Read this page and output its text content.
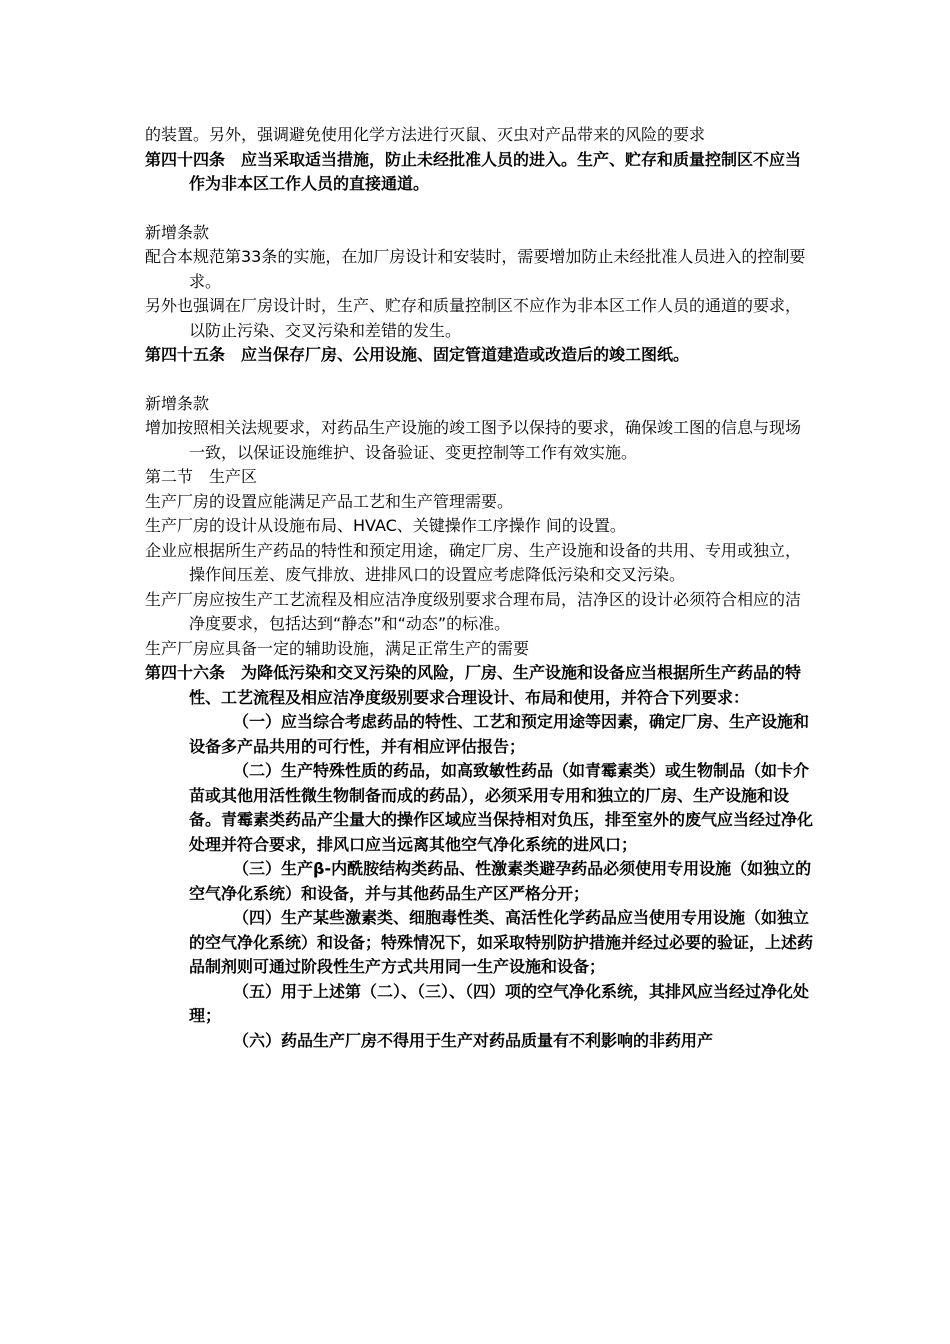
的装置。另外，强调避免使用化学方法进行灭鼠、灭虫对产品带来的风险的要求

第四十四条　应当采取适当措施，防止未经批准人员的进入。生产、贮存和质量控制区不应当作为非本区工作人员的直接通道。

新增条款

配合本规范第33条的实施，在加厂房设计和安装时，需要增加防止未经批准人员进入的控制要求。

另外也强调在厂房设计时，生产、贮存和质量控制区不应作为非本区工作人员的通道的要求，以防止污染、交叉污染和差错的发生。

第四十五条　应当保存厂房、公用设施、固定管道建造或改造后的竣工图纸。

新增条款

增加按照相关法规要求，对药品生产设施的竣工图予以保持的要求，确保竣工图的信息与现场一致，以保证设施维护、设备验证、变更控制等工作有效实施。

第二节　生产区

生产厂房的设置应能满足产品工艺和生产管理需要。

生产厂房的设计从设施布局、HVAC、关键操作工序操作 间的设置。

企业应根据所生产药品的特性和预定用途，确定厂房、生产设施和设备的共用、专用或独立，操作间压差、废气排放、进排风口的设置应考虑降低污染和交叉污染。

生产厂房应按生产工艺流程及相应洁净度级别要求合理布局，洁净区的设计必须符合相应的洁净度要求，包括达到“静态”和“动态”的标准。

生产厂房应具备一定的辅助设施，满足正常生产的需要

第四十六条　为降低污染和交叉污染的风险，厂房、生产设施和设备应当根据所生产药品的特性、工艺流程及相应洁净度级别要求合理设计、布局和使用，并符合下列要求：

（一）应当综合考虑药品的特性、工艺和预定用途等因素，确定厂房、生产设施和设备多产品共用的可行性，并有相应评估报告；

（二）生产特殊性质的药品，如高致敏性药品（如青霉素类）或生物制品（如卡介苗或其他用活性微生物制备而成的药品），必须采用专用和独立的厂房、生产设施和设备。青霉素类药品产尘量大的操作区域应当保持相对负压，排至室外的废气应当经过净化处理并符合要求，排风口应当远离其他空气净化系统的进风口；

（三）生产β-内酰胺结构类药品、性激素类避孕药品必须使用专用设施（如独立的空气净化系统）和设备，并与其他药品生产区严格分开；

（四）生产某些激素类、细胞毒性类、高活性化学药品应当使用专用设施（如独立的空气净化系统）和设备；特殊情况下，如采取特别防护措施并经过必要的验证，上述药品制剂则可通过阶段性生产方式共用同一生产设施和设备；

（五）用于上述第（二）、（三）、（四）项的空气净化系统，其排风应当经过净化处理；

（六）药品生产厂房不得用于生产对药品质量有不利影响的非药用产
